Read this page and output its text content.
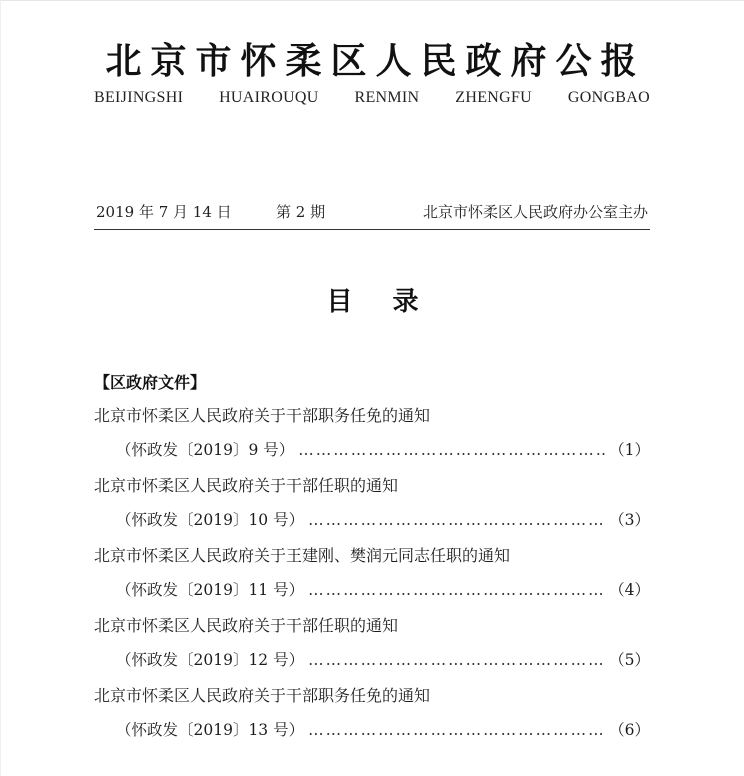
北京市怀柔区人民政府公报
BEIJINGSHI HUAIROUQU RENMIN ZHENGFU GONGBAO
2019 年 7 月 14 日	第 2 期	北京市怀柔区人民政府办公室主办
目录
【区政府文件】
北京市怀柔区人民政府关于干部职务任免的通知
（怀政发〔2019〕9 号） ………………………………………………………………………………………………………………	（1）
北京市怀柔区人民政府关于干部任职的通知
（怀政发〔2019〕10 号） ………………………………………………………………………………………………………………	（3）
北京市怀柔区人民政府关于王建刚、樊润元同志任职的通知
（怀政发〔2019〕11 号） ………………………………………………………………………………………………………………	（4）
北京市怀柔区人民政府关于干部任职的通知
（怀政发〔2019〕12 号） ………………………………………………………………………………………………………………	（5）
北京市怀柔区人民政府关于干部职务任免的通知
（怀政发〔2019〕13 号） ………………………………………………………………………………………………………………	（6）
